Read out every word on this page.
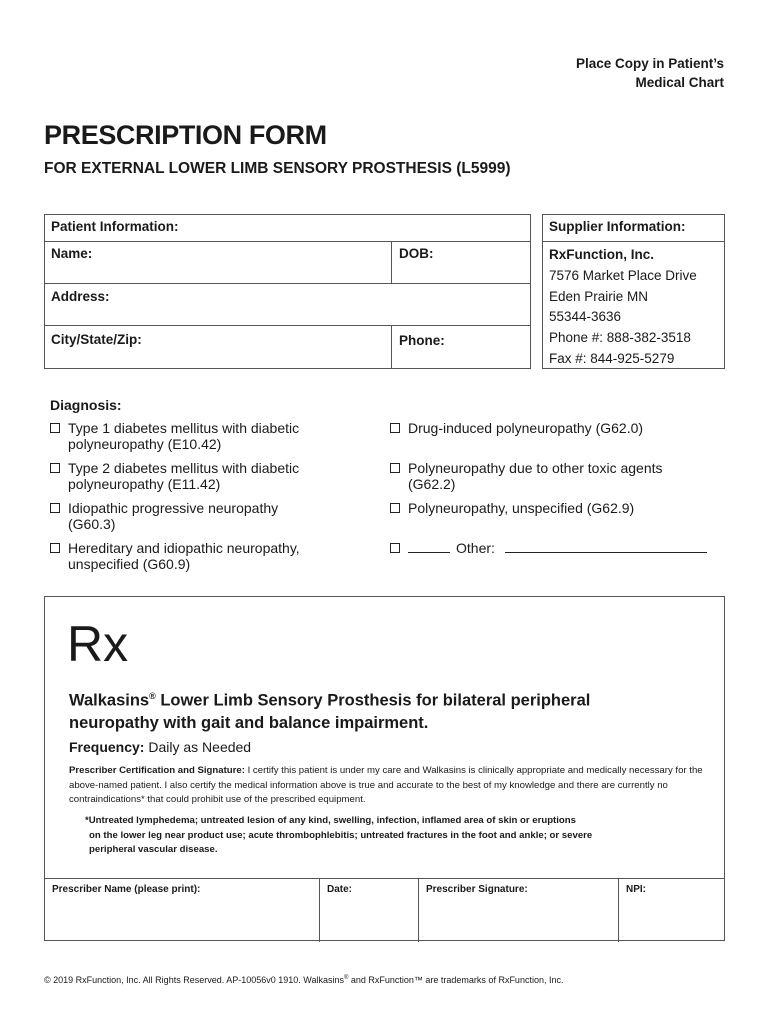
Place Copy in Patient’s
Medical Chart
PRESCRIPTION FORM
FOR EXTERNAL LOWER LIMB SENSORY PROSTHESIS (L5999)
Patient Information:
Name:	DOB:
Address:
City/State/Zip:	Phone:
Supplier Information:
RxFunction, Inc.
7576 Market Place Drive
Eden Prairie MN
55344-3636
Phone #: 888-382-3518
Fax #: 844-925-5279
Diagnosis:
Type 1 diabetes mellitus with diabetic
polyneuropathy (E10.42)
Type 2 diabetes mellitus with diabetic
polyneuropathy (E11.42)
Idiopathic progressive neuropathy
(G60.3)
Hereditary and idiopathic neuropathy,
unspecified (G60.9)
Drug-induced polyneuropathy (G62.0)
Polyneuropathy due to other toxic agents
(G62.2)
Polyneuropathy, unspecified (G62.9)
Other:
Rx
Walkasins® Lower Limb Sensory Prosthesis for bilateral peripheral
neuropathy with gait and balance impairment.
Frequency: Daily as Needed
Prescriber Certification and Signature: I certify this patient is under my care and Walkasins is clinically appropriate and medically necessary for the above-named patient. I also certify the medical information above is true and accurate to the best of my knowledge and there are currently no contraindications* that could prohibit use of the prescribed equipment.
*Untreated lymphedema; untreated lesion of any kind, swelling, infection, inflamed area of skin or eruptions
on the lower leg near product use; acute thrombophlebitis; untreated fractures in the foot and ankle; or severe
peripheral vascular disease.
Prescriber Name (please print):	Date:	Prescriber Signature:	NPI:
© 2019 RxFunction, Inc. All Rights Reserved. AP-10056v0 1910. Walkasins® and RxFunction™ are trademarks of RxFunction, Inc.
